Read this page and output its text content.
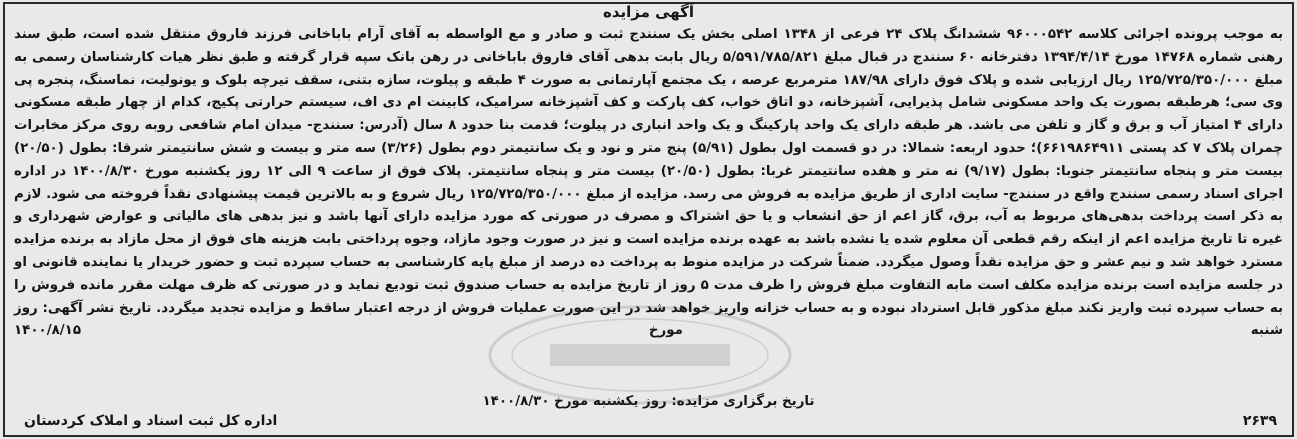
آگهی مزایده

به موجب پرونده اجرائی کلاسه ۹۶۰۰۰۵۴۲ ششدانگ پلاک ۲۴ فرعی از ۱۳۴۸ اصلی بخش یک سنندج ثبت و صادر و مع الواسطه به آقای آرام باباخانی فرزند فاروق منتقل شده است، طبق سند رهنی شماره ۱۴۷۶۸ مورخ ۱۳۹۴/۴/۱۴ دفترخانه ۶۰ سنندج در قبال مبلغ ۵/۵۹۱/۷۸۵/۸۲۱ ریال بابت بدهی آقای فاروق باباخانی در رهن بانک سپه قرار گرفته و طبق نظر هیات کارشناسان رسمی به مبلغ ۱۲۵/۷۲۵/۳۵۰/۰۰۰ ریال ارزیابی شده و پلاک فوق دارای ۱۸۷/۹۸ مترمربع عرصه ، یک مجتمع آپارتمانی به صورت ۴ طبقه و پیلوت، سازه بتنی، سقف تیرچه بلوک و یونولیت، نماسنگ، پنجره پی وی سی؛ هرطبقه بصورت یک واحد مسکونی شامل پذیرایی، آشپزخانه، دو اتاق خواب، کف پارکت و کف آشپزخانه سرامیک، کابینت ام دی اف، سیستم حرارتی پکیج، کدام از چهار طبقه مسکونی دارای ۴ امتیاز آب و برق و گاز و تلفن می باشد. هر طبقه دارای یک واحد پارکینگ و یک واحد انباری در پیلوت؛ قدمت بنا حدود ۸ سال (آدرس: سنندج- میدان امام شافعی روبه روی مرکز مخابرات چمران پلاک ۷ کد پستی ۶۶۱۹۸۶۴۹۱۱)؛ حدود اربعه: شمالا: در دو قسمت اول بطول (۵/۹۱) پنج متر و نود و یک سانتیمتر دوم بطول (۳/۲۶) سه متر و بیست و شش سانتیمتر شرقا: بطول (۲۰/۵۰) بیست متر و پنجاه سانتیمتر جنوبا: بطول (۹/۱۷) نه متر و هفده سانتیمتر غربا: بطول (۲۰/۵۰) بیست متر و پنجاه سانتیمتر. پلاک فوق از ساعت ۹ الی ۱۲ روز یکشنبه مورخ ۱۴۰۰/۸/۳۰ در اداره اجرای اسناد رسمی سنندج واقع در سنندج- سایت اداری از طریق مزایده به فروش می رسد. مزایده از مبلغ ۱۲۵/۷۲۵/۳۵۰/۰۰۰ ریال شروع و به بالاترین قیمت پیشنهادی نقداً فروخته می شود. لازم به ذکر است پرداخت بدهی‌های مربوط به آب، برق، گاز اعم از حق انشعاب و یا حق اشتراک و مصرف در صورتی که مورد مزایده دارای آنها باشد و نیز بدهی های مالیاتی و عوارض شهرداری و غیره تا تاریخ مزایده اعم از اینکه رقم قطعی آن معلوم شده یا نشده باشد به عهده برنده مزایده است و نیز در صورت وجود مازاد، وجوه پرداختی بابت هزینه های فوق از محل مازاد به برنده مزایده مسترد خواهد شد و نیم عشر و حق مزایده نقداً وصول میگردد. ضمناً شرکت در مزایده منوط به پرداخت ده درصد از مبلغ پایه کارشناسی به حساب سپرده ثبت و حضور خریدار یا نماینده قانونی او در جلسه مزایده است برنده مزایده مکلف است مابه التفاوت مبلغ فروش را ظرف مدت ۵ روز از تاریخ مزایده به حساب صندوق ثبت تودیع نماید و در صورتی که ظرف مهلت مقرر مانده فروش را به حساب سپرده ثبت واریز نکند مبلغ مذکور قابل استرداد نبوده و به حساب خزانه واریز خواهد شد در این صورت عملیات فروش از درجه اعتبار ساقط و مزایده تجدید میگردد. تاریخ نشر آگهی: روز شنبه مورخ ۱۴۰۰/۸/۱۵

تاریخ برگزاری مزایده: روز یکشنبه مورخ ۱۴۰۰/۸/۳۰
۲۶۳۹
اداره کل ثبت اسناد و املاک کردستان
